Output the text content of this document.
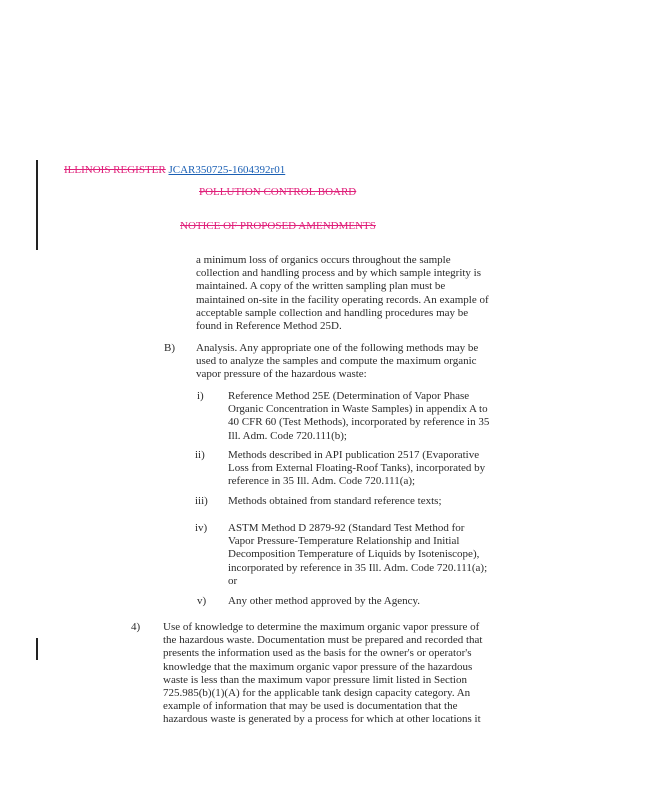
ILLINOIS REGISTER JCAR350725-1604392r01
POLLUTION CONTROL BOARD
NOTICE OF PROPOSED AMENDMENTS
a minimum loss of organics occurs throughout the sample
collection and handling process and by which sample integrity is
maintained. A copy of the written sampling plan must be
maintained on-site in the facility operating records. An example of
acceptable sample collection and handling procedures may be
found in Reference Method 25D.
B) Analysis. Any appropriate one of the following methods may be
used to analyze the samples and compute the maximum organic
vapor pressure of the hazardous waste:
i) Reference Method 25E (Determination of Vapor Phase
Organic Concentration in Waste Samples) in appendix A to
40 CFR 60 (Test Methods), incorporated by reference in 35
Ill. Adm. Code 720.111(b);
ii) Methods described in API publication 2517 (Evaporative
Loss from External Floating-Roof Tanks), incorporated by
reference in 35 Ill. Adm. Code 720.111(a);
iii) Methods obtained from standard reference texts;
iv) ASTM Method D 2879-92 (Standard Test Method for
Vapor Pressure-Temperature Relationship and Initial
Decomposition Temperature of Liquids by Isoteniscope),
incorporated by reference in 35 Ill. Adm. Code 720.111(a);
or
v) Any other method approved by the Agency.
4) Use of knowledge to determine the maximum organic vapor pressure of
the hazardous waste. Documentation must be prepared and recorded that
presents the information used as the basis for the owner's or operator's
knowledge that the maximum organic vapor pressure of the hazardous
waste is less than the maximum vapor pressure limit listed in Section
725.985(b)(1)(A) for the applicable tank design capacity category. An
example of information that may be used is documentation that the
hazardous waste is generated by a process for which at other locations it
